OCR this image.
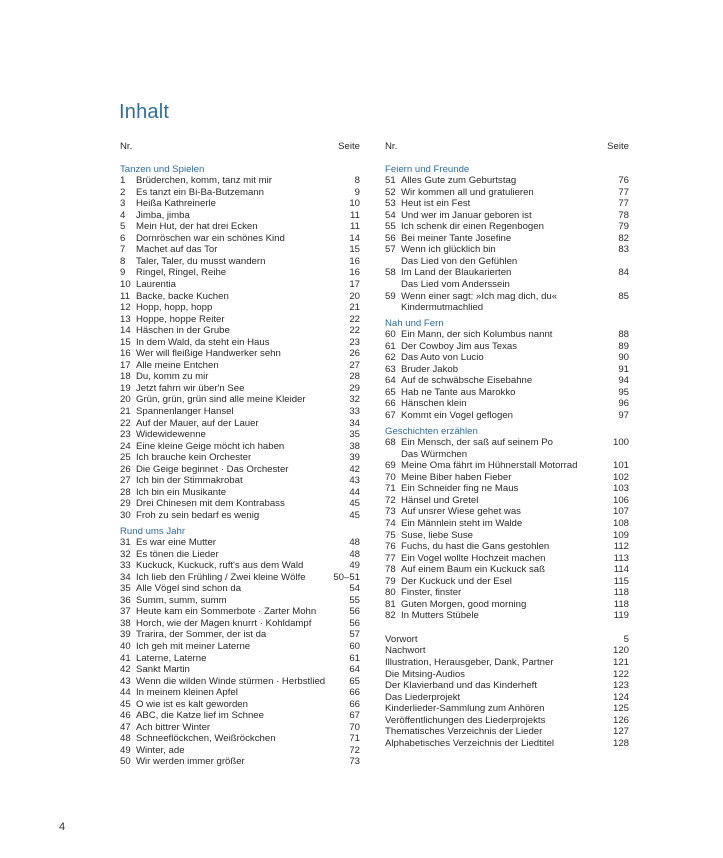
Inhalt
Nr.	Seite
Tanzen und Spielen
1	Brüderchen, komm, tanz mit mir	8
2	Es tanzt ein Bi-Ba-Butzemann	9
3	Heißa Kathreinerle	10
4	Jimba, jimba	11
5	Mein Hut, der hat drei Ecken	11
6	Dornröschen war ein schönes Kind	14
7	Machet auf das Tor	15
8	Taler, Taler, du musst wandern	16
9	Ringel, Ringel, Reihe	16
10 Laurentia	17
11 Backe, backe Kuchen	20
12 Hopp, hopp, hopp	21
13 Hoppe, hoppe Reiter	22
14 Häschen in der Grube	22
15 In dem Wald, da steht ein Haus	23
16 Wer will fleißige Handwerker sehn	26
17 Alle meine Entchen	27
18 Du, komm zu mir	28
19 Jetzt fahrn wir über'n See	29
20 Grün, grün, grün sind alle meine Kleider	32
21 Spannenlanger Hansel	33
22 Auf der Mauer, auf der Lauer	34
23 Widewidewenne	35
24 Eine kleine Geige möcht ich haben	38
25 Ich brauche kein Orchester	39
26 Die Geige beginnet · Das Orchester	42
27 Ich bin der Stimmakrobat	43
28 Ich bin ein Musikante	44
29 Drei Chinesen mit dem Kontrabass	45
30 Froh zu sein bedarf es wenig	45
Rund ums Jahr
31 Es war eine Mutter	48
32 Es tönen die Lieder	48
33 Kuckuck, Kuckuck, ruft's aus dem Wald	49
34 Ich lieb den Frühling / Zwei kleine Wölfe	50–51
35 Alle Vögel sind schon da	54
36 Summ, summ, summ	55
37 Heute kam ein Sommerbote · Zarter Mohn	56
38 Horch, wie der Magen knurrt · Kohldampf	56
39 Trarira, der Sommer, der ist da	57
40 Ich geh mit meiner Laterne	60
41 Laterne, Laterne	61
42 Sankt Martin	64
43 Wenn die wilden Winde stürmen · Herbstlied	65
44 In meinem kleinen Apfel	66
45 O wie ist es kalt geworden	66
46 ABC, die Katze lief im Schnee	67
47 Ach bittrer Winter	70
48 Schneeflöckchen, Weißröckchen	71
49 Winter, ade	72
50 Wir werden immer größer	73
Nr.	Seite
Feiern und Freunde
51 Alles Gute zum Geburtstag	76
52 Wir kommen all und gratulieren	77
53 Heut ist ein Fest	77
54 Und wer im Januar geboren ist	78
55 Ich schenk dir einen Regenbogen	79
56 Bei meiner Tante Josefine	82
57 Wenn ich glücklich bin	83
Das Lied von den Gefühlen
58 Im Land der Blaukarierten	84
Das Lied vom Anderssein
59 Wenn einer sagt: »Ich mag dich, du«	85
Kindermutmachlied
Nah und Fern
60 Ein Mann, der sich Kolumbus nannt	88
61 Der Cowboy Jim aus Texas	89
62 Das Auto von Lucio	90
63 Bruder Jakob	91
64 Auf de schwäbsche Eisebahne	94
65 Hab ne Tante aus Marokko	95
66 Hänschen klein	96
67 Kommt ein Vogel geflogen	97
Geschichten erzählen
68 Ein Mensch, der saß auf seinem Po	100
Das Würmchen
69 Meine Oma fährt im Hühnerstall Motorrad	101
70 Meine Biber haben Fieber	102
71 Ein Schneider fing ne Maus	103
72 Hänsel und Gretel	106
73 Auf unsrer Wiese gehet was	107
74 Ein Männlein steht im Walde	108
75 Suse, liebe Suse	109
76 Fuchs, du hast die Gans gestohlen	112
77 Ein Vogel wollte Hochzeit machen	113
78 Auf einem Baum ein Kuckuck saß	114
79 Der Kuckuck und der Esel	115
80 Finster, finster	118
81 Guten Morgen, good morning	118
82 In Mutters Stübele	119
Vorwort	5
Nachwort	120
Illustration, Herausgeber, Dank, Partner	121
Die Mitsing-Audios	122
Der Klavierband und das Kinderheft	123
Das Liederprojekt	124
Kinderlieder-Sammlung zum Anhören	125
Veröffentlichungen des Liederprojekts	126
Thematisches Verzeichnis der Lieder	127
Alphabetisches Verzeichnis der Liedtitel	128
4
